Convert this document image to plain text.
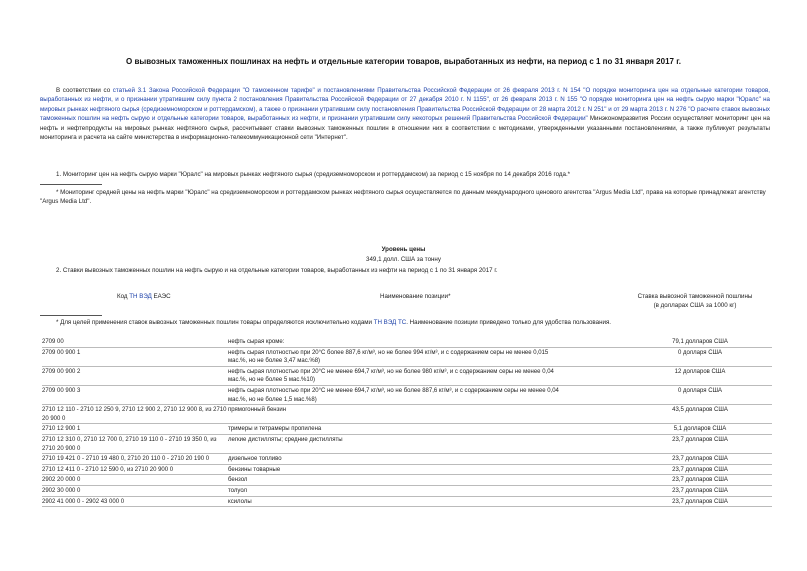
О вывозных таможенных пошлинах на нефть и отдельные категории товаров, выработанных из нефти, на период с 1 по 31 января 2017 г.
В соответствии со статьей 3.1 Закона Российской Федерации "О таможенном тарифе" и постановлениями Правительства Российской Федерации от 26 февраля 2013 г. N 154 "О порядке мониторинга цен на отдельные категории товаров, выработанных из нефти, и о признании утратившим силу пункта 2 постановления Правительства Российской Федерации от 27 декабря 2010 г. N 1155", от 26 февраля 2013 г. N 155 "О порядке мониторинга цен на нефть сырую марки "Юралс" на мировых рынках нефтяного сырья (средиземноморском и роттердамском), а также о признании утратившим силу постановления Правительства Российской Федерации от 28 марта 2012 г. N 251" и от 29 марта 2013 г. N 276 "О расчете ставок вывозных таможенных пошлин на нефть сырую и отдельные категории товаров, выработанных из нефти, и признании утратившим силу некоторых решений Правительства Российской Федерации" Минэкономразвития России осуществляет мониторинг цен на нефть и нефтепродукты на мировых рынках нефтяного сырья, рассчитывает ставки вывозных таможенных пошлин в отношении них в соответствии с методиками, утвержденными указанными постановлениями, а также публикует результаты мониторинга и расчета на сайте министерства в информационно-телекоммуникационной сети "Интернет".
1. Мониторинг цен на нефть сырую марки "Юралс" на мировых рынках нефтяного сырья (средиземноморском и роттердамском) за период с 15 ноября по 14 декабря 2016 года.*
* Мониторинг средней цены на нефть марки "Юралс" на средиземноморском и роттердамском рынках нефтяного сырья осуществляется по данным международного ценового агентства "Argus Media Ltd", права на которые принадлежат агентству "Argus Media Ltd".
Уровень цены
349,1 долл. США за тонну
2. Ставки вывозных таможенных пошлин на нефть сырую и на отдельные категории товаров, выработанных из нефти на период с 1 по 31 января 2017 г.
Код ТН ВЭД ЕАЭС	Наименование позиции*	Ставка вывозной таможенной пошлины
(в долларах США за 1000 кг)
* Для целей применения ставок вывозных таможенных пошлин товары определяются исключительно кодами ТН ВЭД ТС. Наименование позиции приведено только для удобства пользования.
2709 00	нефть сырая кроме:	79,1 долларов США
2709 00 900 1	нефть сырая плотностью при 20°С более 887,6 кг/м³, но не более 994 кг/м³, и с содержанием серы не менее 0,015	0 долларя США
	мас.%, но не более 3,47 мас.%8)	
2709 00 900 2	нефть сырая плотностью при 20°С не менее 694,7 кг/м³, но не более 980 кг/м³, и с содержанием серы не менее 0,04	12 долларов США
	мас.%, но не более 5 мас.%10)	
2709 00 900 3	нефть сырая плотностью при 20°С не менее 694,7 кг/м³, но не более 887,6 кг/м³, и с содержанием серы не менее 0,04	0 долларя США
	мас.%, но не более 1,5 мас.%8)	
2710 12 110 - 2710 12 250 9, 2710 12 900 2, 2710 12 900 8, из 2710 20 900 0	прямогонный бензин	43,5 долларов США
2710 12 900 1	тримеры и тетрамеры пропилена	5,1 долларов США
2710 12 310 0, 2710 12 700 0, 2710 19 110 0 - 2710 19 350 0, из 2710 20 900 0	легкие дистилляты; средние дистилляты	23,7 долларов США
2710 19 421 0 - 2710 19 480 0, 2710 20 110 0 - 2710 20 190 0	дизельное топливо	23,7 долларов США
2710 12 411 0 - 2710 12 590 0, из 2710 20 900 0	бензины товарные	23,7 долларов США
2902 20 000 0	бензол	23,7 долларов США
2902 30 000 0	толуол	23,7 долларов США
2902 41 000 0 - 2902 43 000 0	ксилолы	23,7 долларов США
